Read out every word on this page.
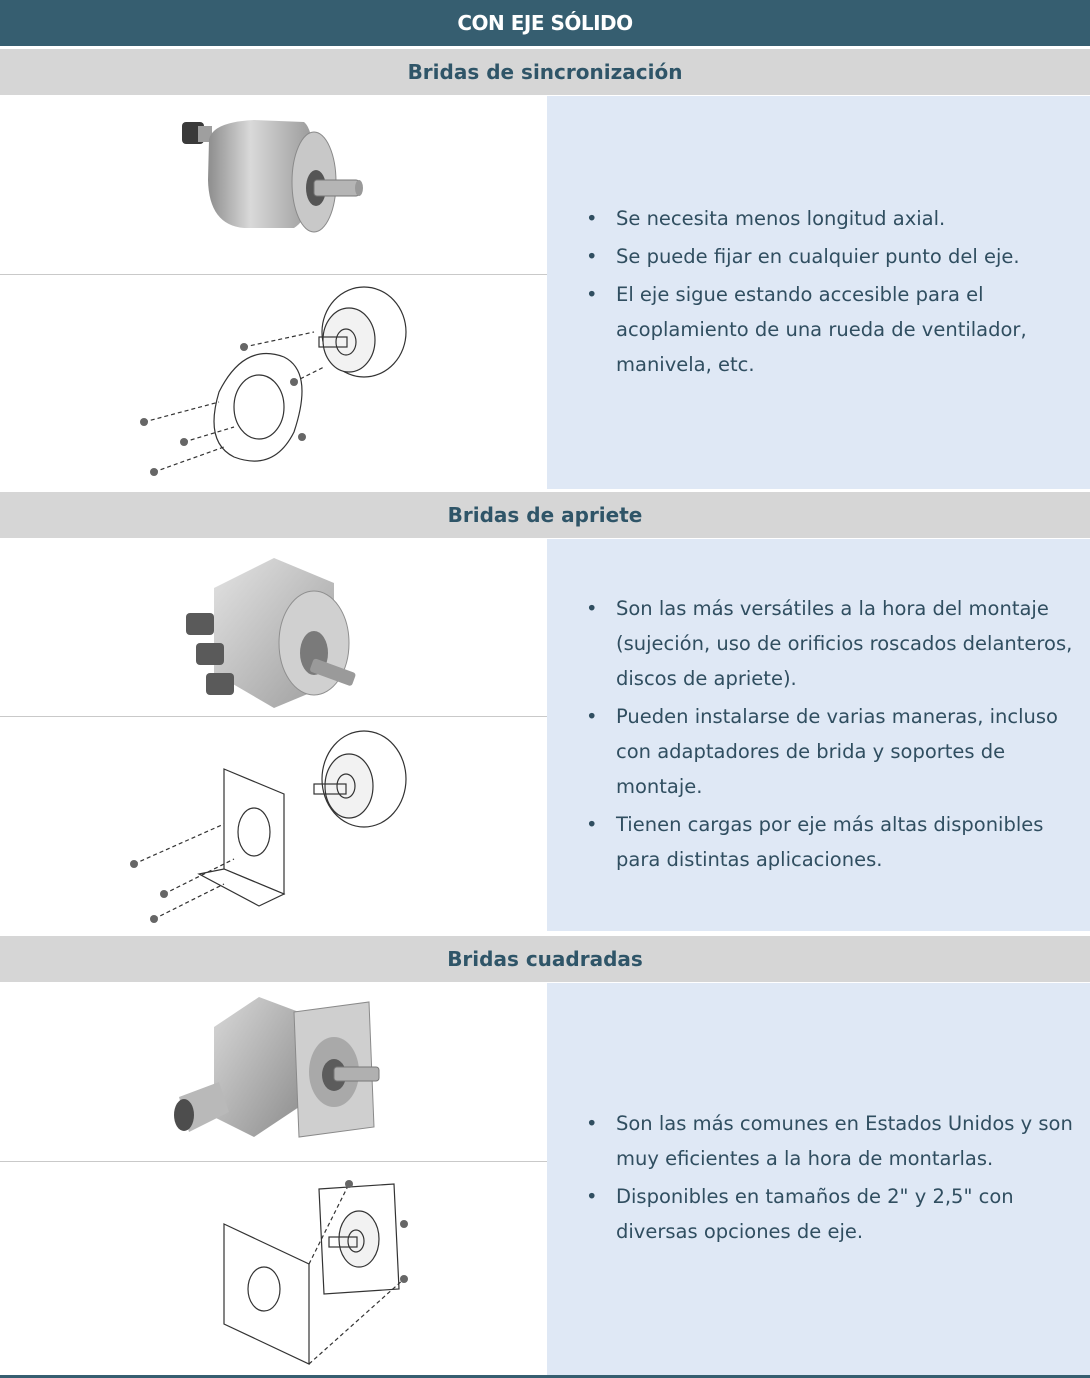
CON EJE SÓLIDO
Bridas de sincronización
• Se necesita menos longitud axial.
• Se puede fijar en cualquier punto del eje.
• El eje sigue estando accesible para el acoplamiento de una rueda de ventilador, manivela, etc.
Bridas de apriete
• Son las más versátiles a la hora del montaje (sujeción, uso de orificios roscados delanteros, discos de apriete).
• Pueden instalarse de varias maneras, incluso con adaptadores de brida y soportes de montaje.
• Tienen cargas por eje más altas disponibles para distintas aplicaciones.
Bridas cuadradas
• Son las más comunes en Estados Unidos y son muy eficientes a la hora de montarlas.
• Disponibles en tamaños de 2" y 2,5" con diversas opciones de eje.
